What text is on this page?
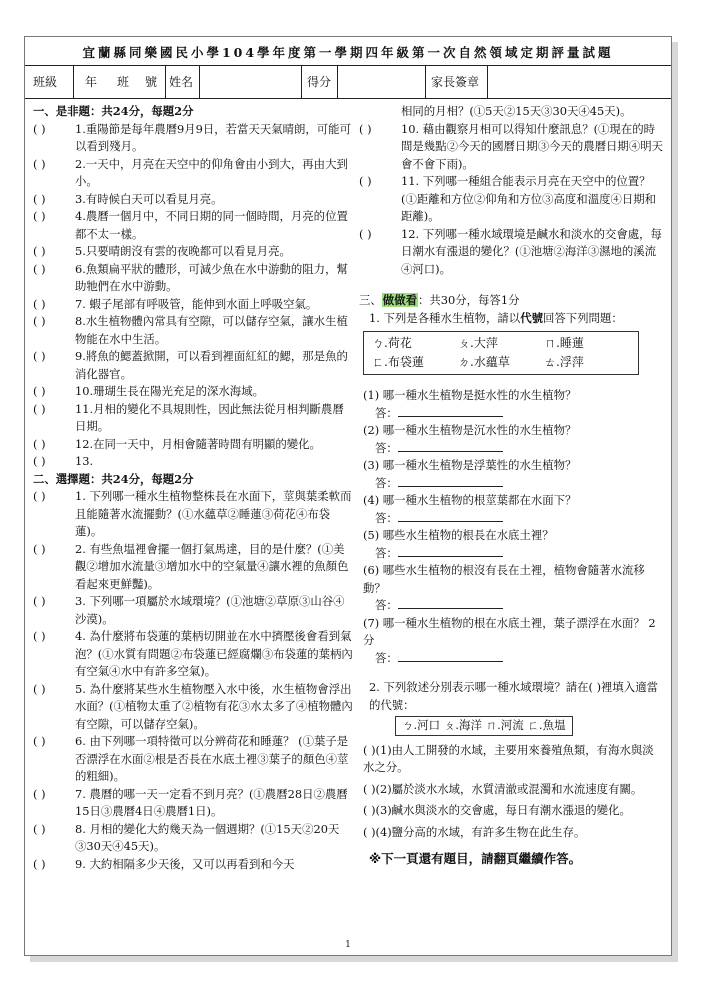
宜蘭縣同樂國民小學104學年度第一學期四年級第一次自然領域定期評量試題
班級 年 班 號 姓名	得分	家長簽章
一、是非題：共24分，每題2分
( )	1.重陽節是每年農曆9月9日，若當天天氣晴朗，可能可以看到殘月。
( )	2.一天中，月亮在天空中的仰角會由小到大，再由大到小。
( )	3.有時候白天可以看見月亮。
( )	4.農曆一個月中，不同日期的同一個時間，月亮的位置都不太一樣。
( )	5.只要晴朗沒有雲的夜晚都可以看見月亮。
( )	6.魚類扁平狀的體形，可減少魚在水中游動的阻力，幫助牠們在水中游動。
( )	7. 蝦子尾部有呼吸管，能伸到水面上呼吸空氣。
( )	8.水生植物體內常具有空隙，可以儲存空氣，讓水生植物能在水中生活。
( )	9.將魚的鰓蓋掀開，可以看到裡面紅紅的鰓，那是魚的消化器官。
( )	10.珊瑚生長在陽光充足的深水海域。
( )	11.月相的變化不具規則性，因此無法從月相判斷農曆日期。
( )	12.在同一天中，月相會隨著時間有明顯的變化。
( )	13.
二、選擇題：共24分，每題2分
( )	1. 下列哪一種水生植物整株長在水面下，莖與葉柔軟而且能隨著水流擺動？(①水蘊草②睡蓮③荷花④布袋蓮)。
( )	2. 有些魚塭裡會擺一個打氣馬達，目的是什麼？(①美觀②增加水流量③增加水中的空氣量④讓水裡的魚顏色看起來更鮮豔)。
( )	3. 下列哪一項屬於水域環境？(①池塘②草原③山谷④沙漠)。
( )	4. 為什麼將布袋蓮的葉柄切開並在水中擠壓後會看到氣泡？(①水質有問題②布袋蓮已經腐爛③布袋蓮的葉柄內有空氣④水中有許多空氣)。
( )	5. 為什麼將某些水生植物壓入水中後，水生植物會浮出水面？(①植物太重了②植物有花③水太多了④植物體內有空隙，可以儲存空氣)。
( )	6. 由下列哪一項特徵可以分辨荷花和睡蓮？ (①葉子是否漂浮在水面②根是否長在水底土裡③葉子的顏色④莖的粗細)。
( )	7. 農曆的哪一天一定看不到月亮？(①農曆28日②農曆15日③農曆4日④農曆1日)。
( )	8. 月相的變化大約幾天為一個週期？(①15天②20天③30天④45天)。
( )	9. 大約相隔多少天後，又可以再看到和今天
相同的月相？(①5天②15天③30天④45天)。
( )	10. 藉由觀察月相可以得知什麼訊息？(①現在的時間是幾點②今天的國曆日期③今天的農曆日期④明天會不會下雨)。
( )	11. 下列哪一種組合能表示月亮在天空中的位置？(①距離和方位②仰角和方位③高度和溫度④日期和距離)。
( )	12. 下列哪一種水域環境是鹹水和淡水的交會處，每日潮水有漲退的變化？(①池塘②海洋③濕地的溪流④河口)。
三、做做看：共30分，每答1分
1. 下列是各種水生植物，請以代號回答下列問題：
ㄅ.荷花	ㄆ.大萍	ㄇ.睡蓮
ㄈ.布袋蓮	ㄉ.水蘊草	ㄊ.浮萍
(1) 哪一種水生植物是挺水性的水生植物？
答：
(2) 哪一種水生植物是沉水性的水生植物？
答：
(3) 哪一種水生植物是浮葉性的水生植物？
答：
(4) 哪一種水生植物的根莖葉都在水面下？
答：
(5) 哪些水生植物的根長在水底土裡？
答：
(6) 哪些水生植物的根沒有長在土裡，植物會隨著水流移動？
答：
(7) 哪一種水生植物的根在水底土裡，葉子漂浮在水面？ 2分
答：
2. 下列敘述分別表示哪一種水域環境？請在( )裡填入適當的代號：
ㄅ.河口 ㄆ.海洋 ㄇ.河流 ㄈ.魚塭
( )(1)由人工開發的水域，主要用來養殖魚類，有海水與淡水之分。
( )(2)屬於淡水水域，水質清澈或混濁和水流速度有關。
( )(3)鹹水與淡水的交會處，每日有潮水漲退的變化。
( )(4)鹽分高的水域，有許多生物在此生存。
※下一頁還有題目，請翻頁繼續作答。
1
